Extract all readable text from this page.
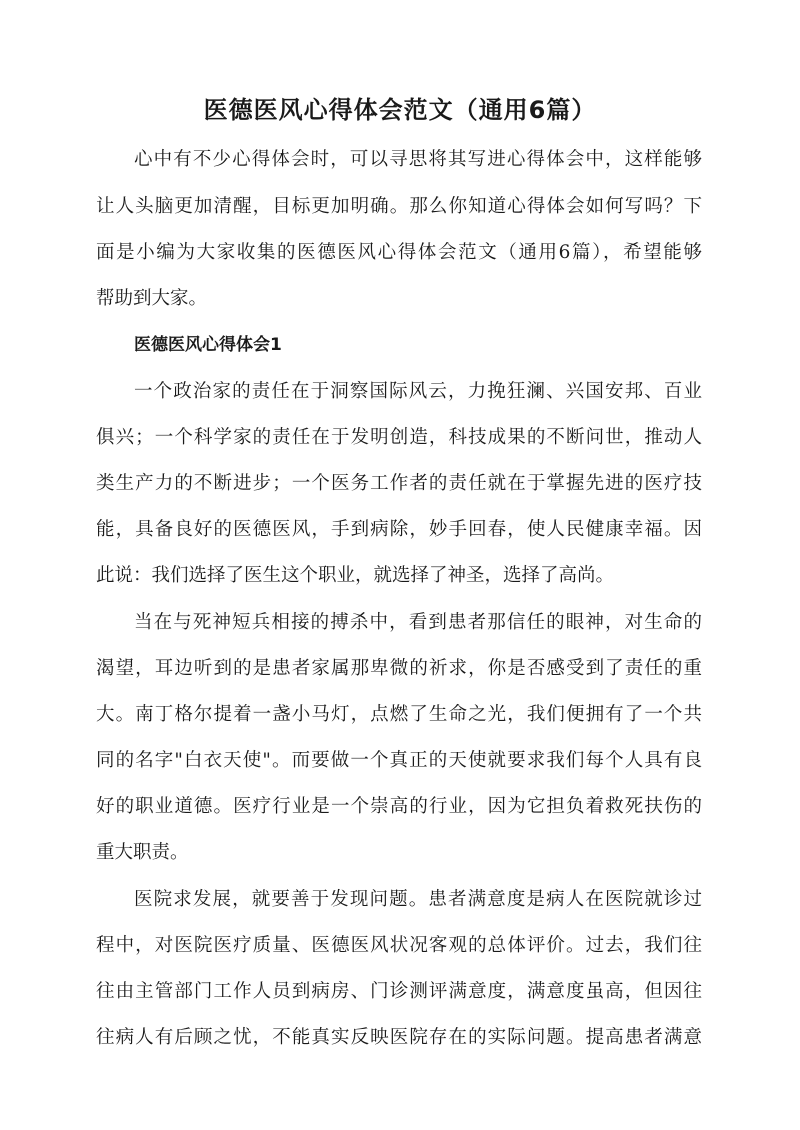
医德医风心得体会范文（通用6篇）

心中有不少心得体会时，可以寻思将其写进心得体会中，这样能够

让人头脑更加清醒，目标更加明确。那么你知道心得体会如何写吗？下

面是小编为大家收集的医德医风心得体会范文（通用6篇），希望能够

帮助到大家。

医德医风心得体会1

一个政治家的责任在于洞察国际风云，力挽狂澜、兴国安邦、百业

俱兴；一个科学家的责任在于发明创造，科技成果的不断问世，推动人

类生产力的不断进步；一个医务工作者的责任就在于掌握先进的医疗技

能，具备良好的医德医风，手到病除，妙手回春，使人民健康幸福。因

此说：我们选择了医生这个职业，就选择了神圣，选择了高尚。

当在与死神短兵相接的搏杀中，看到患者那信任的眼神，对生命的

渴望，耳边听到的是患者家属那卑微的祈求，你是否感受到了责任的重

大。南丁格尔提着一盏小马灯，点燃了生命之光，我们便拥有了一个共

同的名字"白衣天使"。而要做一个真正的天使就要求我们每个人具有良

好的职业道德。医疗行业是一个崇高的行业，因为它担负着救死扶伤的

重大职责。

医院求发展，就要善于发现问题。患者满意度是病人在医院就诊过

程中，对医院医疗质量、医德医风状况客观的总体评价。过去，我们往

往由主管部门工作人员到病房、门诊测评满意度，满意度虽高，但因往

往病人有后顾之忧，不能真实反映医院存在的实际问题。提高患者满意
